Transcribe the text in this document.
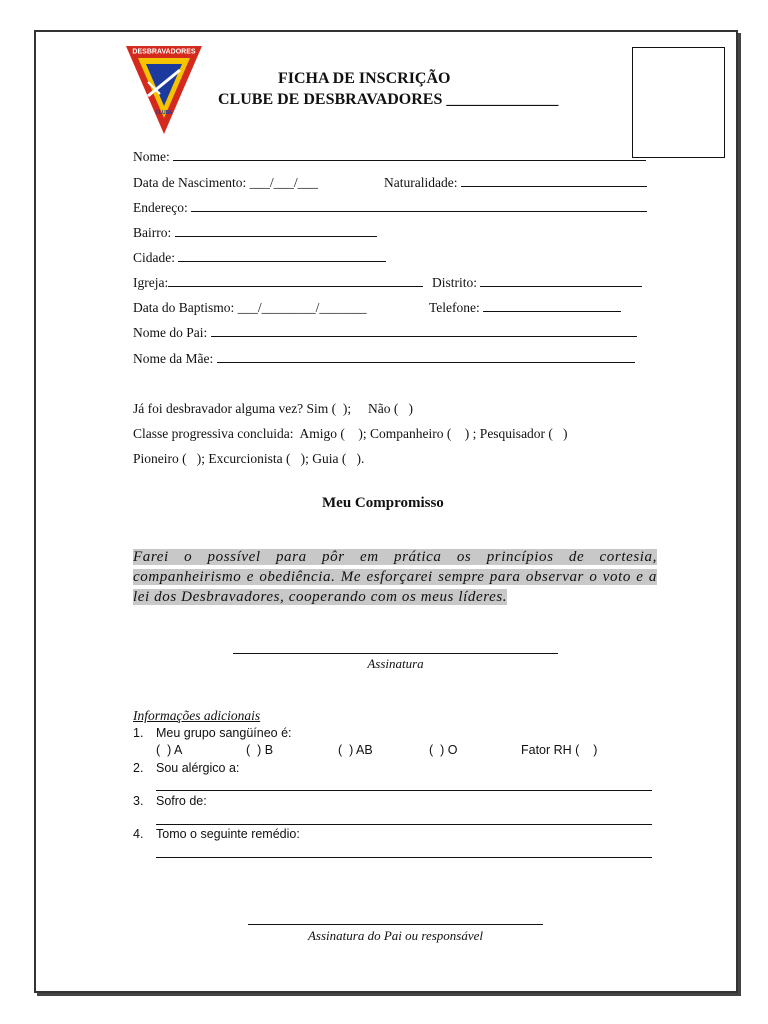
DESBRAVADORES
CLUBE
FICHA DE INSCRIÇÃO
CLUBE DE DESBRAVADORES ______________
Nome:
Data de Nascimento: ___/___/___	Naturalidade:
Endereço:
Bairro:
Cidade:
Igreja:	Distrito:
Data do Baptismo: ___/________/_______	Telefone:
Nome do Pai:
Nome da Mãe:
Já foi desbravador alguma vez? Sim (  );     Não (   )
Classe progressiva concluida:  Amigo (    ); Companheiro (    ) ; Pesquisador (   )
Pioneiro (   ); Excurcionista (   ); Guia (   ).
Meu Compromisso
Farei o possível para pôr em prática os princípios de cortesia, companheirismo e obediência. Me esforçarei sempre para observar o voto e a lei dos Desbravadores, cooperando com os meus líderes.
Assinatura
Informações adicionais
1. Meu grupo sangüíneo é:
(  ) A	(  ) B	(  ) AB	(  ) O	Fator RH (    )
2. Sou alérgico a:
3. Sofro de:
4. Tomo o seguinte remédio:
Assinatura do Pai ou responsável
